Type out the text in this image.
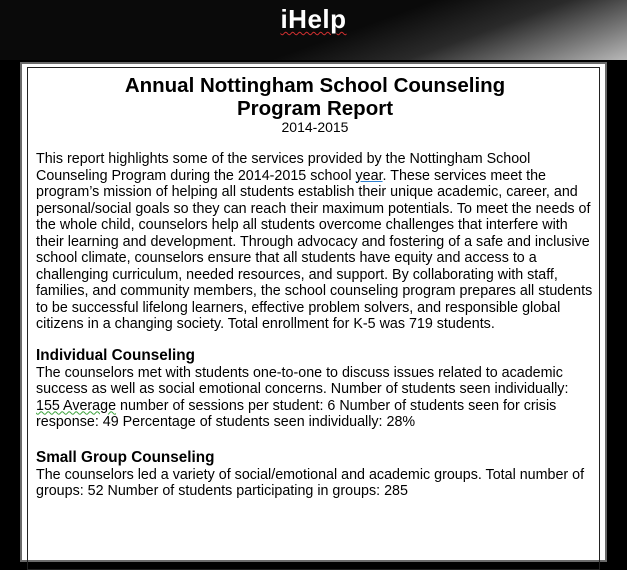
iHelp

Annual Nottingham School Counseling

Program Report

2014-2015

This report highlights some of the services provided by the Nottingham School Counseling Program during the 2014-2015 school year. These services meet the program’s mission of helping all students establish their unique academic, career, and personal/social goals so they can reach their maximum potentials. To meet the needs of the whole child, counselors help all students overcome challenges that interfere with their learning and development. Through advocacy and fostering of a safe and inclusive school climate, counselors ensure that all students have equity and access to a challenging curriculum, needed resources, and support. By collaborating with staff, families, and community members, the school counseling program prepares all students to be successful lifelong learners, effective problem solvers, and responsible global citizens in a changing society. Total enrollment for K-5 was 719 students.

Individual Counseling

The counselors met with students one-to-one to discuss issues related to academic success as well as social emotional concerns. Number of students seen individually: 155 Average number of sessions per student: 6 Number of students seen for crisis response: 49 Percentage of students seen individually: 28%

Small Group Counseling

The counselors led a variety of social/emotional and academic groups. Total number of groups: 52 Number of students participating in groups: 285
